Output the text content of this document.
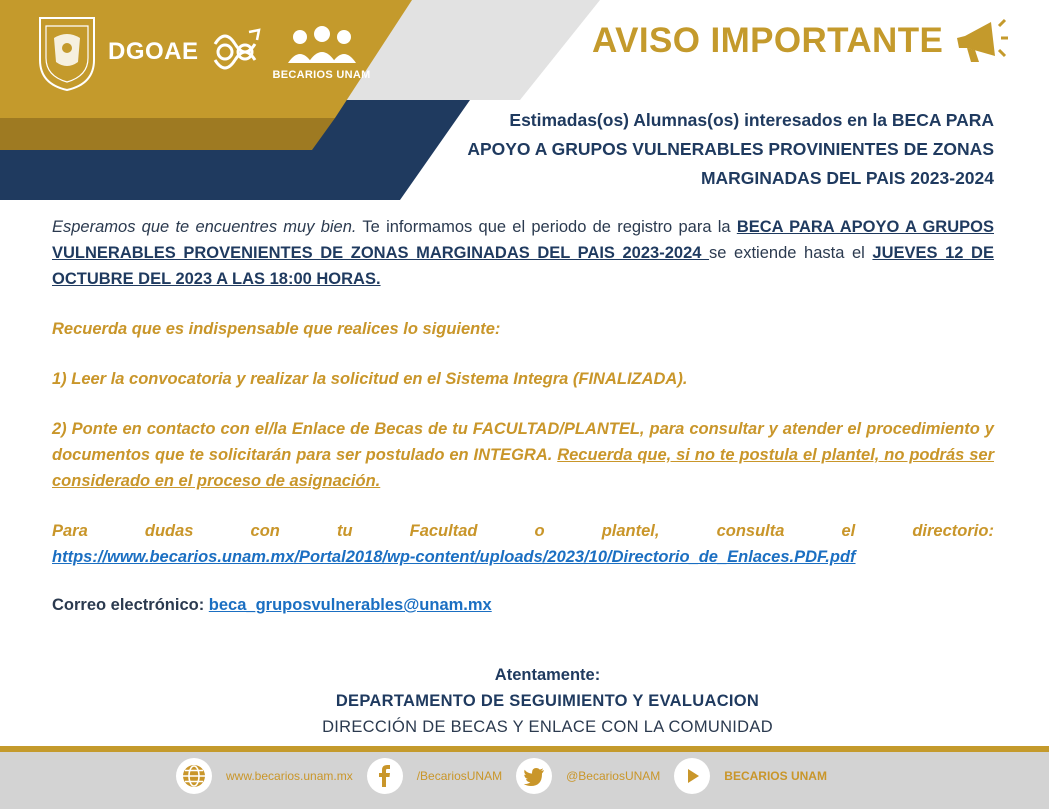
DGOAE
BECARIOS UNAM
AVISO IMPORTANTE
Estimadas(os) Alumnas(os) interesados en la BECA PARA
APOYO A GRUPOS VULNERABLES PROVINIENTES DE ZONAS
MARGINADAS DEL PAIS 2023-2024

Esperamos que te encuentres muy bien. Te informamos que el periodo de registro para la BECA PARA APOYO A GRUPOS VULNERABLES PROVENIENTES DE ZONAS MARGINADAS DEL PAIS 2023-2024 se extiende hasta el JUEVES 12 DE OCTUBRE DEL 2023 A LAS 18:00 HORAS.

Recuerda que es indispensable que realices lo siguiente:

1) Leer la convocatoria y realizar la solicitud en el Sistema Integra (FINALIZADA).

2) Ponte en contacto con el/la Enlace de Becas de tu FACULTAD/PLANTEL, para consultar y atender el procedimiento y documentos que te solicitarán para ser postulado en INTEGRA. Recuerda que, si no te postula el plantel, no podrás ser considerado en el proceso de asignación.

Para	dudas	con	tu	Facultad	o	plantel,	consulta	el	directorio:
https://www.becarios.unam.mx/Portal2018/wp-content/uploads/2023/10/Directorio_de_Enlaces.PDF.pdf

Correo electrónico: beca_gruposvulnerables@unam.mx

Atentamente:
DEPARTAMENTO DE SEGUIMIENTO Y EVALUACION
DIRECCIÓN DE BECAS Y ENLACE CON LA COMUNIDAD
www.becarios.unam.mx	/BecariosUNAM	@BecariosUNAM	BECARIOS UNAM
